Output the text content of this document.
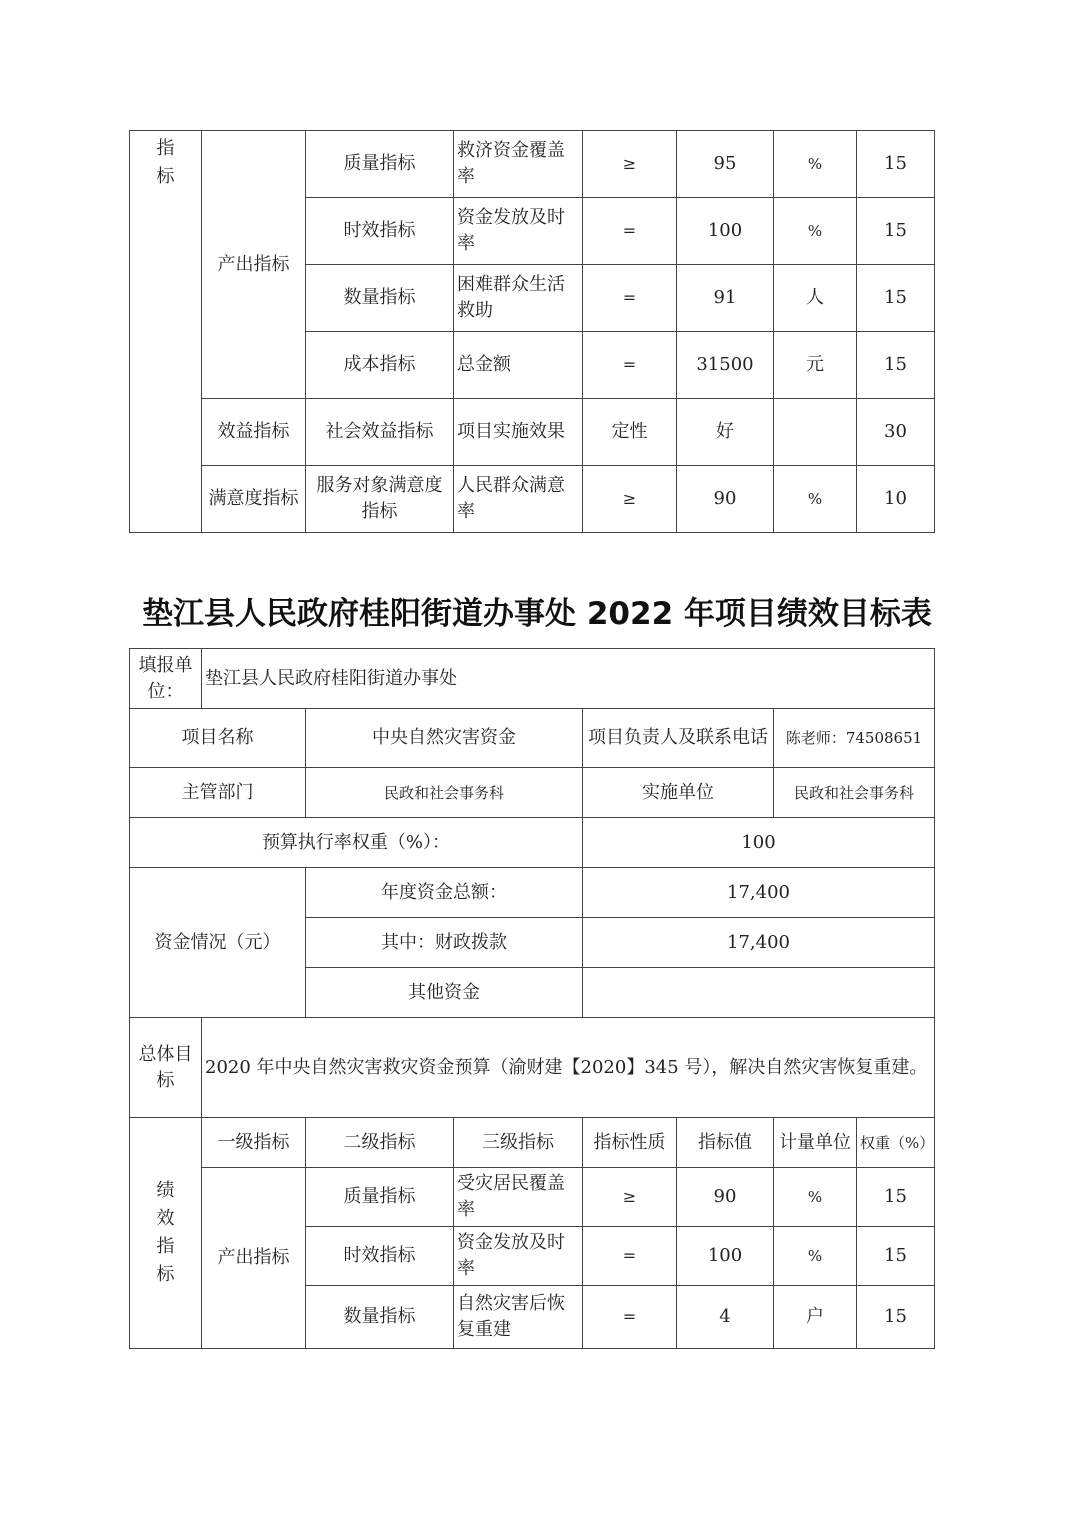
指标	产出指标	质量指标	救济资金覆盖率	≥	95	%	15
		时效指标	资金发放及时率	=	100	%	15
		数量指标	困难群众生活救助	=	91	人	15
		成本指标	总金额	=	31500	元	15
	效益指标	社会效益指标	项目实施效果	定性	好		30
	满意度指标	服务对象满意度指标	人民群众满意率	≥	90	%	10
垫江县人民政府桂阳街道办事处 2022 年项目绩效目标表
填报单位：	垫江县人民政府桂阳街道办事处						
项目名称		中央自然灾害资金		项目负责人及联系电话		陈老师：74508651	
主管部门		民政和社会事务科		实施单位		民政和社会事务科	
预算执行率权重（%）：				100			
资金情况（元）		年度资金总额：		17,400			
		其中：财政拨款		17,400			
		其他资金					
总体目标	2020 年中央自然灾害救灾资金预算（渝财建【2020】345 号），解决自然灾害恢复重建。						
绩效指标	一级指标	二级指标	三级指标	指标性质	指标值	计量单位	权重（%）
	产出指标	质量指标	受灾居民覆盖率	≥	90	%	15
		时效指标	资金发放及时率	=	100	%	15
		数量指标	自然灾害后恢复重建	=	4	户	15
